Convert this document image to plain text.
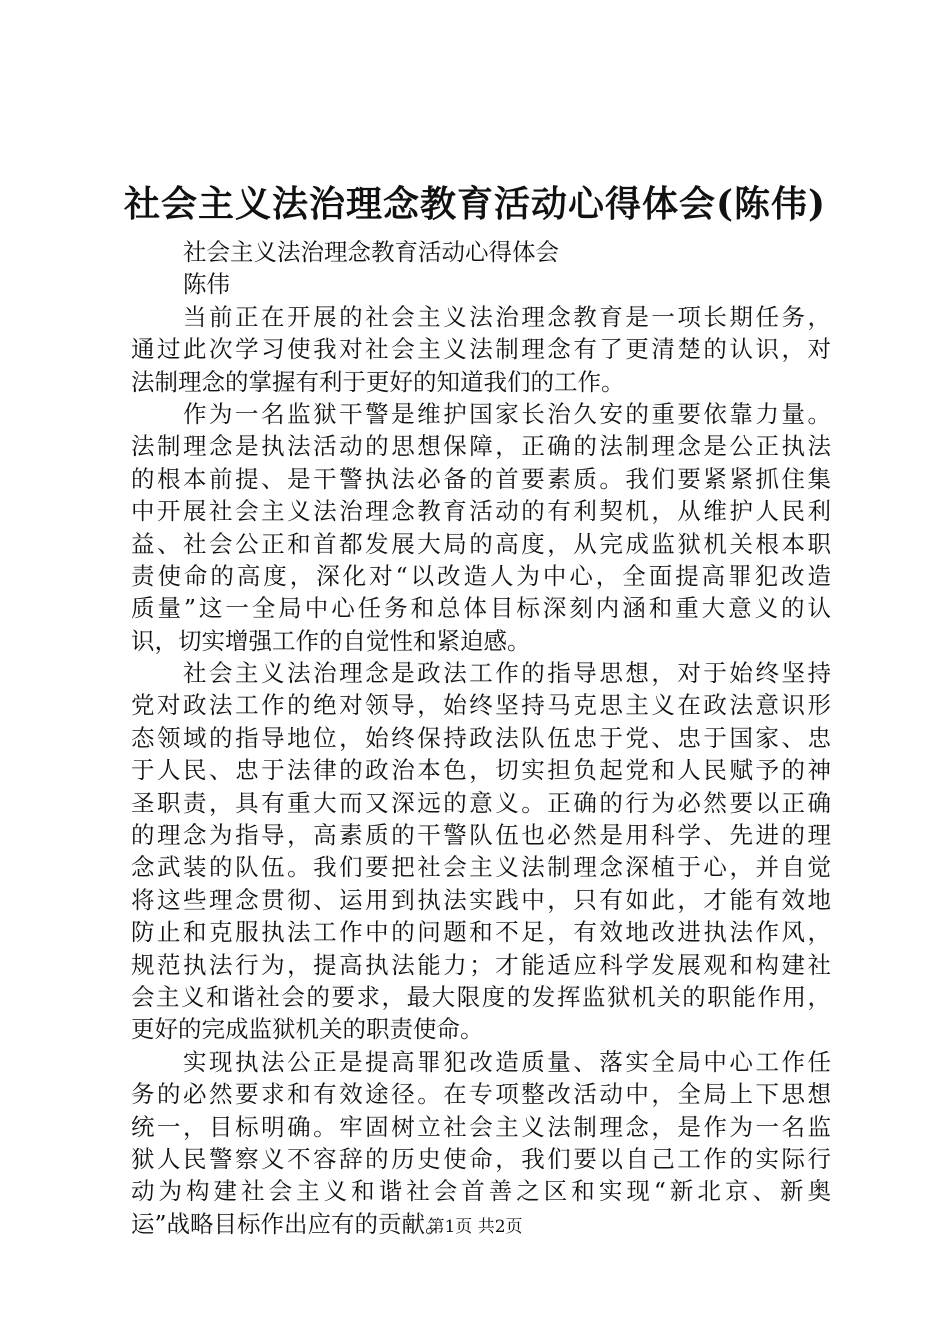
社会主义法治理念教育活动心得体会(陈伟)
社会主义法治理念教育活动心得体会
陈伟
当前正在开展的社会主义法治理念教育是一项长期任务，
通过此次学习使我对社会主义法制理念有了更清楚的认识，对
法制理念的掌握有利于更好的知道我们的工作。
作为一名监狱干警是维护国家长治久安的重要依靠力量。
法制理念是执法活动的思想保障，正确的法制理念是公正执法
的根本前提、是干警执法必备的首要素质。我们要紧紧抓住集
中开展社会主义法治理念教育活动的有利契机，从维护人民利
益、社会公正和首都发展大局的高度，从完成监狱机关根本职
责使命的高度，深化对“以改造人为中心，全面提高罪犯改造
质量”这一全局中心任务和总体目标深刻内涵和重大意义的认
识，切实增强工作的自觉性和紧迫感。
社会主义法治理念是政法工作的指导思想，对于始终坚持
党对政法工作的绝对领导，始终坚持马克思主义在政法意识形
态领域的指导地位，始终保持政法队伍忠于党、忠于国家、忠
于人民、忠于法律的政治本色，切实担负起党和人民赋予的神
圣职责，具有重大而又深远的意义。正确的行为必然要以正确
的理念为指导，高素质的干警队伍也必然是用科学、先进的理
念武装的队伍。我们要把社会主义法制理念深植于心，并自觉
将这些理念贯彻、运用到执法实践中，只有如此，才能有效地
防止和克服执法工作中的问题和不足，有效地改进执法作风，
规范执法行为，提高执法能力；才能适应科学发展观和构建社
会主义和谐社会的要求，最大限度的发挥监狱机关的职能作用，
更好的完成监狱机关的职责使命。
实现执法公正是提高罪犯改造质量、落实全局中心工作任
务的必然要求和有效途径。在专项整改活动中，全局上下思想
统一，目标明确。牢固树立社会主义法制理念，是作为一名监
狱人民警察义不容辞的历史使命，我们要以自己工作的实际行
动为构建社会主义和谐社会首善之区和实现“新北京、新奥
运”战略目标作出应有的贡献。
第1页 共2页
